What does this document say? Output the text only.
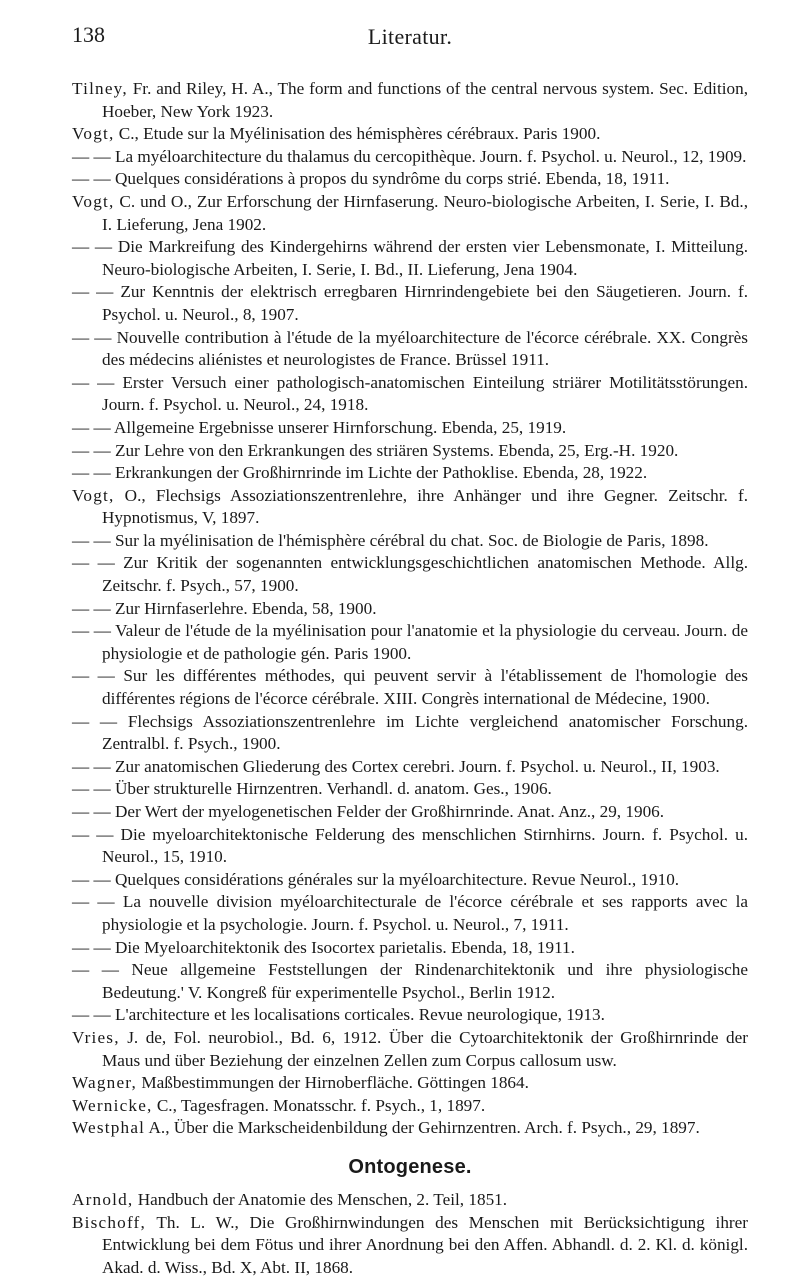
138	Literatur.

Tilney, Fr. and Riley, H. A., The form and functions of the central nervous system. Sec. Edition, Hoeber, New York 1923.

Vogt, C., Etude sur la Myélinisation des hémisphères cérébraux. Paris 1900.

— — La myéloarchitecture du thalamus du cercopithèque. Journ. f. Psychol. u. Neurol., 12, 1909.

— — Quelques considérations à propos du syndrôme du corps strié. Ebenda, 18, 1911.

Vogt, C. und O., Zur Erforschung der Hirnfaserung. Neuro-biologische Arbeiten, I. Serie, I. Bd., I. Lieferung, Jena 1902.

— — Die Markreifung des Kindergehirns während der ersten vier Lebensmonate, I. Mitteilung. Neuro-biologische Arbeiten, I. Serie, I. Bd., II. Lieferung, Jena 1904.

— — Zur Kenntnis der elektrisch erregbaren Hirnrindengebiete bei den Säugetieren. Journ. f. Psychol. u. Neurol., 8, 1907.

— — Nouvelle contribution à l'étude de la myéloarchitecture de l'écorce cérébrale. XX. Congrès des médecins aliénistes et neurologistes de France. Brüssel 1911.

— — Erster Versuch einer pathologisch-anatomischen Einteilung striärer Motilitätsstörungen. Journ. f. Psychol. u. Neurol., 24, 1918.

— — Allgemeine Ergebnisse unserer Hirnforschung. Ebenda, 25, 1919.

— — Zur Lehre von den Erkrankungen des striären Systems. Ebenda, 25, Erg.-H. 1920.

— — Erkrankungen der Großhirnrinde im Lichte der Pathoklise. Ebenda, 28, 1922.

Vogt, O., Flechsigs Assoziationszentrenlehre, ihre Anhänger und ihre Gegner. Zeitschr. f. Hypnotismus, V, 1897.

— — Sur la myélinisation de l'hémisphère cérébral du chat. Soc. de Biologie de Paris, 1898.

— — Zur Kritik der sogenannten entwicklungsgeschichtlichen anatomischen Methode. Allg. Zeitschr. f. Psych., 57, 1900.

— — Zur Hirnfaserlehre. Ebenda, 58, 1900.

— — Valeur de l'étude de la myélinisation pour l'anatomie et la physiologie du cerveau. Journ. de physiologie et de pathologie gén. Paris 1900.

— — Sur les différentes méthodes, qui peuvent servir à l'établissement de l'homologie des différentes régions de l'écorce cérébrale. XIII. Congrès international de Médecine, 1900.

— — Flechsigs Assoziationszentrenlehre im Lichte vergleichend anatomischer Forschung. Zentralbl. f. Psych., 1900.

— — Zur anatomischen Gliederung des Cortex cerebri. Journ. f. Psychol. u. Neurol., II, 1903.

— — Über strukturelle Hirnzentren. Verhandl. d. anatom. Ges., 1906.

— — Der Wert der myelogenetischen Felder der Großhirnrinde. Anat. Anz., 29, 1906.

— — Die myeloarchitektonische Felderung des menschlichen Stirnhirns. Journ. f. Psychol. u. Neurol., 15, 1910.

— — Quelques considérations générales sur la myéloarchitecture. Revue Neurol., 1910.

— — La nouvelle division myéloarchitecturale de l'écorce cérébrale et ses rapports avec la physiologie et la psychologie. Journ. f. Psychol. u. Neurol., 7, 1911.

— — Die Myeloarchitektonik des Isocortex parietalis. Ebenda, 18, 1911.

— — Neue allgemeine Feststellungen der Rindenarchitektonik und ihre physiologische Bedeutung.' V. Kongreß für experimentelle Psychol., Berlin 1912.

— — L'architecture et les localisations corticales. Revue neurologique, 1913.

Vries, J. de, Fol. neurobiol., Bd. 6, 1912. Über die Cytoarchitektonik der Großhirnrinde der Maus und über Beziehung der einzelnen Zellen zum Corpus callosum usw.

Wagner, Maßbestimmungen der Hirnoberfläche. Göttingen 1864.

Wernicke, C., Tagesfragen. Monatsschr. f. Psych., 1, 1897.

Westphal A., Über die Markscheidenbildung der Gehirnzentren. Arch. f. Psych., 29, 1897.

Ontogenese.

Arnold, Handbuch der Anatomie des Menschen, 2. Teil, 1851.

Bischoff, Th. L. W., Die Großhirnwindungen des Menschen mit Berücksichtigung ihrer Entwicklung bei dem Fötus und ihrer Anordnung bei den Affen. Abhandl. d. 2. Kl. d. königl. Akad. d. Wiss., Bd. X, Abt. II, 1868.
